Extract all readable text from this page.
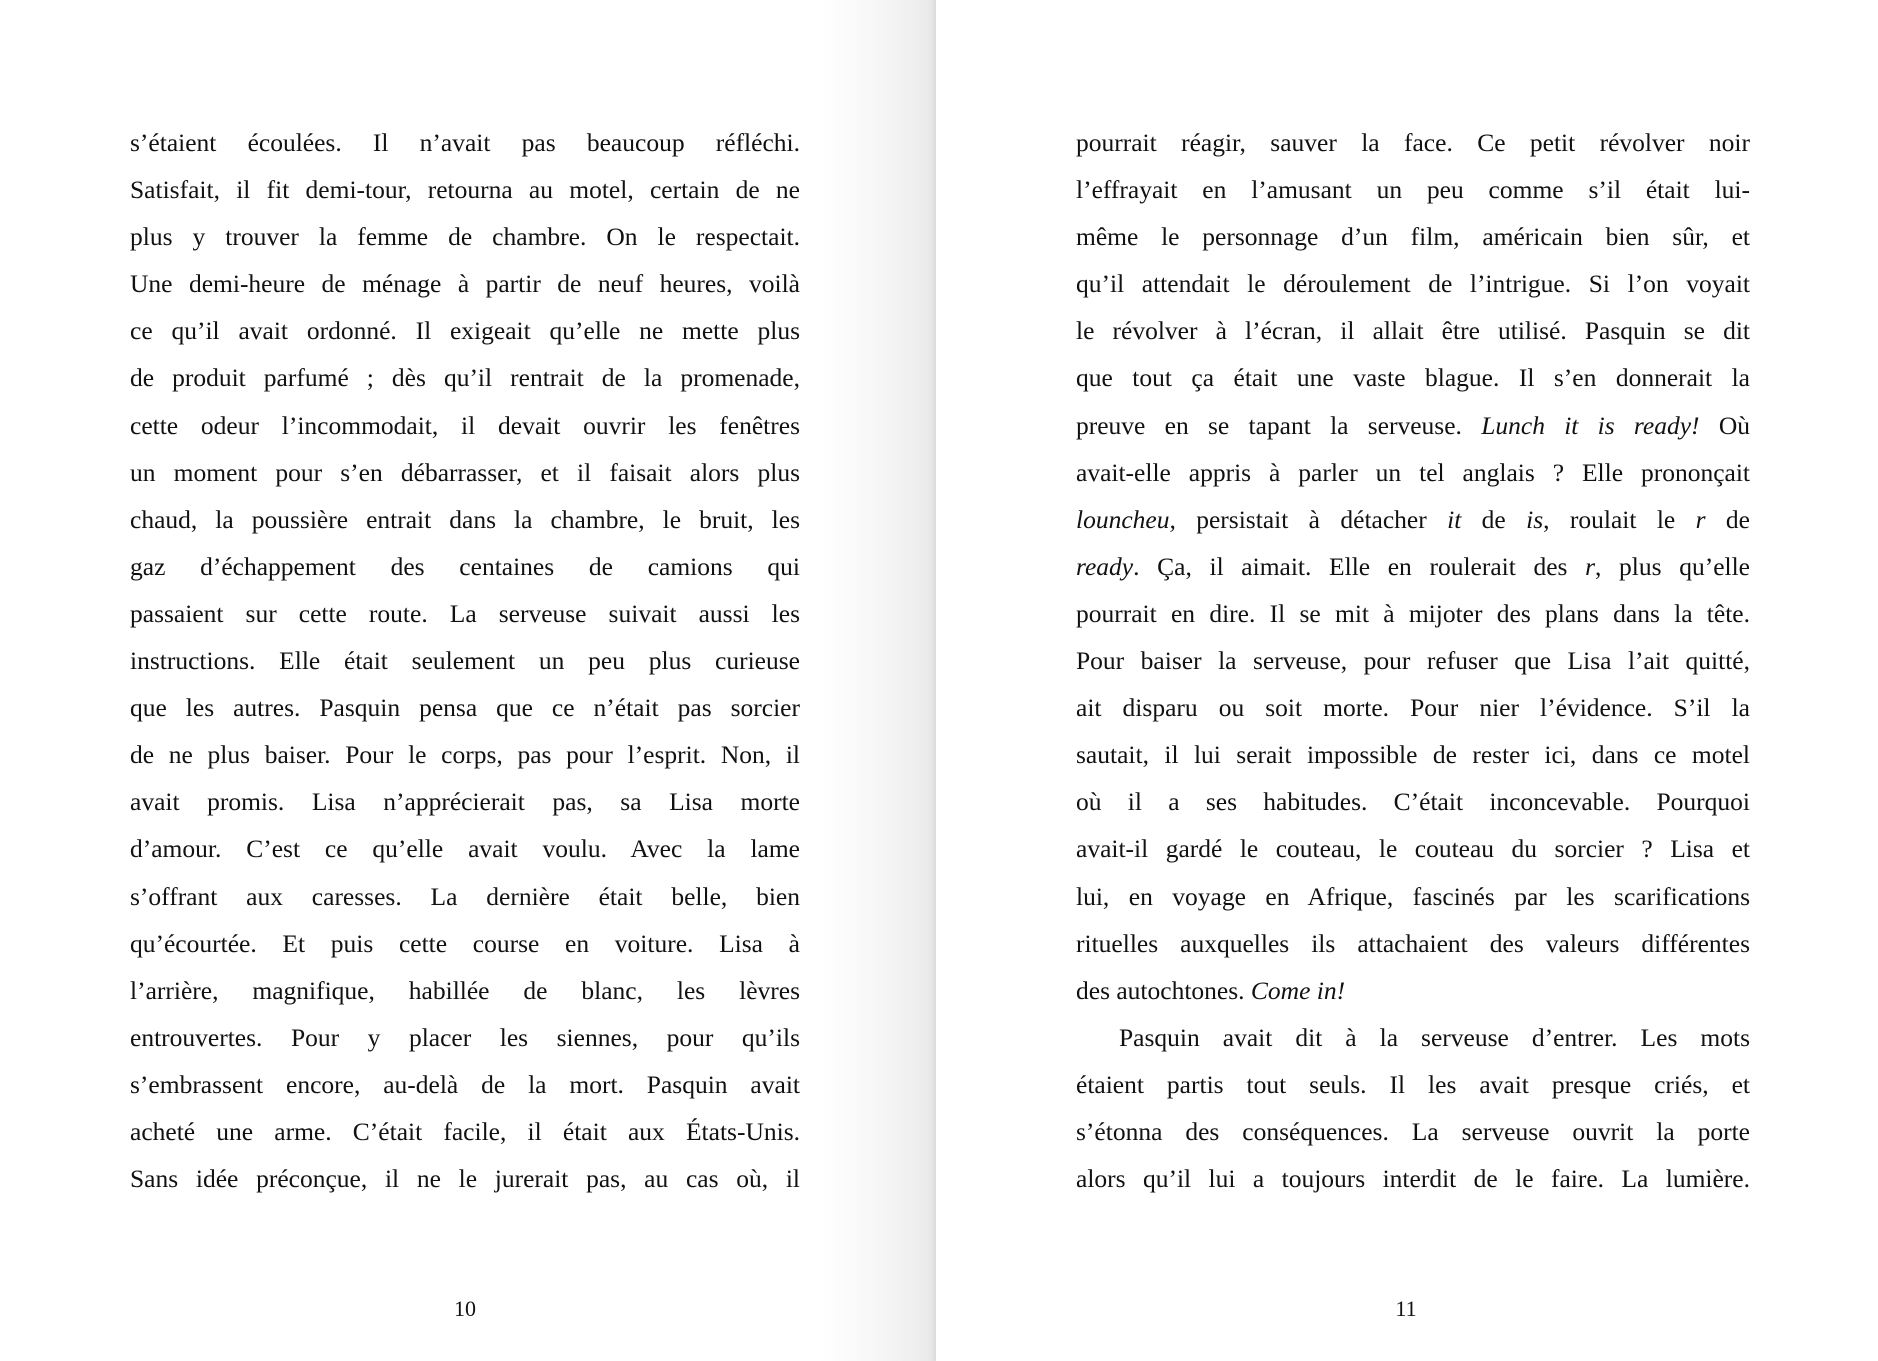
s’étaient écoulées. Il n’avait pas beaucoup réfléchi.
Satisfait, il fit demi-tour, retourna au motel, certain de ne
plus y trouver la femme de chambre. On le respectait.
Une demi-heure de ménage à partir de neuf heures, voilà
ce qu’il avait ordonné. Il exigeait qu’elle ne mette plus
de produit parfumé ; dès qu’il rentrait de la promenade,
cette odeur l’incommodait, il devait ouvrir les fenêtres
un moment pour s’en débarrasser, et il faisait alors plus
chaud, la poussière entrait dans la chambre, le bruit, les
gaz d’échappement des centaines de camions qui
passaient sur cette route. La serveuse suivait aussi les
instructions. Elle était seulement un peu plus curieuse
que les autres. Pasquin pensa que ce n’était pas sorcier
de ne plus baiser. Pour le corps, pas pour l’esprit. Non, il
avait promis. Lisa n’apprécierait pas, sa Lisa morte
d’amour. C’est ce qu’elle avait voulu. Avec la lame
s’offrant aux caresses. La dernière était belle, bien
qu’écourtée. Et puis cette course en voiture. Lisa à
l’arrière, magnifique, habillée de blanc, les lèvres
entrouvertes. Pour y placer les siennes, pour qu’ils
s’embrassent encore, au-delà de la mort. Pasquin avait
acheté une arme. C’était facile, il était aux États-Unis.
Sans idée préconçue, il ne le jurerait pas, au cas où, il
10
pourrait réagir, sauver la face. Ce petit révolver noir
l’effrayait en l’amusant un peu comme s’il était lui-
même le personnage d’un film, américain bien sûr, et
qu’il attendait le déroulement de l’intrigue. Si l’on voyait
le révolver à l’écran, il allait être utilisé. Pasquin se dit
que tout ça était une vaste blague. Il s’en donnerait la
preuve en se tapant la serveuse. Lunch it is ready! Où
avait-elle appris à parler un tel anglais ? Elle prononçait
louncheu, persistait à détacher it de is, roulait le r de
ready. Ça, il aimait. Elle en roulerait des r, plus qu’elle
pourrait en dire. Il se mit à mijoter des plans dans la tête.
Pour baiser la serveuse, pour refuser que Lisa l’ait quitté,
ait disparu ou soit morte. Pour nier l’évidence. S’il la
sautait, il lui serait impossible de rester ici, dans ce motel
où il a ses habitudes. C’était inconcevable. Pourquoi
avait-il gardé le couteau, le couteau du sorcier ? Lisa et
lui, en voyage en Afrique, fascinés par les scarifications
rituelles auxquelles ils attachaient des valeurs différentes
des autochtones. Come in!
Pasquin avait dit à la serveuse d’entrer. Les mots
étaient partis tout seuls. Il les avait presque criés, et
s’étonna des conséquences. La serveuse ouvrit la porte
alors qu’il lui a toujours interdit de le faire. La lumière.
11
